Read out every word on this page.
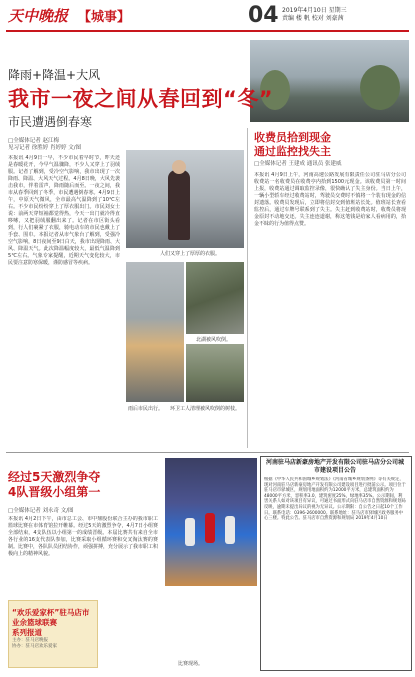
天中晚报 【城事】	04 2019年4月10日 星期三
责编 楼 帆 校对 刘豪茜
降雨+降温+大风
我市一夜之间从春回到“冬”
市民遭遇倒春寒
□全媒体记者 赵江梅
见习记者 徐胜婷 肖婷婷 文/图
本报讯 4月9日一早，不少市民着早时节，昨天还是春暖花开，今早气温骤降，不少人又穿上了羽绒服。记者了解到，受冷空气影响，我市出现了一次降雨、降温、大风天气过程。4月8日晚，大风先袭击我市，伴着雷声，降雨随后而至。一夜之间，我市从春季回到了冬季，市民遭遇倒春寒。4月9日上午，中原天气微风，全市最高气温降到了10℃左右。不少市民纷纷穿上了厚衣服出门。市民刘女士说：前两天穿短袖都觉得热，今天一出门就冷得直哆嗦，又把羽绒服翻出来了。记者在市区街头看到，行人们裹紧了衣服，骑电动车的市民也戴上了手套、围巾。本报记者从市气象台了解到，受强冷空气影响，8日夜间至9日白天，我市出现降雨、大风、降温天气。此次降温幅度较大，最低气温降到5℃左右。气象专家提醒，近期天气变化较大，市民要注意防寒保暖，谨防感冒等疾病。
人们又穿上了厚厚的衣服。
北湖被风吹倒。
雨后市民出行。 环卫工人清理被风吹倒的树枝。
收费员拾到现金
通过监控找失主
□全媒体记者 王建成 通讯员 张建威
本报讯 4月9日上午，河南高速公路发展有限责任公司驻马店分公司收费站一名收费员在收费亭内拾到1500元现金。该收费员第一时间上报，收费站通过调取监控录像，很快确认了失主身份。当日上午，一辆小型轿车经过收费站时，驾驶员交费时不慎将一个装有现金的信封遗落。收费员发现后，立即将信封交到值班站长处。值班站长查看监控后，通过车牌号联系到了失主。失主赶到收费站时，收费员将现金原封不动地交还。失主连连道谢，称这笔钱是给家人看病用的，拾金不昧的行为值得点赞。
经过5天激烈争夺
4队晋级小组第一
□全媒体记者 刘永奇 文/图
本报讯 4月2日下午，由市总工会、市中鼎股份联合主办的我市职工篮球比赛在市体育馆拉开帷幕。经过5天的激烈争夺，4月7日小组赛全部结束，4支队伍以小组第一的成绩晋级。本届比赛共有来自全市各行业的16支代表队参加，比赛采取小组循环赛和交叉淘汰赛的赛制。比赛中，各队队员团结协作，顽强拼搏，充分展示了我市职工积极向上的精神风貌。
比赛现场。
“欢乐爱家杯”驻马店市
业余篮球联赛
系列报道
主办：驻马店晚报
协办：驻马店欢乐爱家
河南驻马店新豪房地产开发有限公司驻马店分公司城市建设项目公告
根据《中华人民共和国城乡规划法》《河南省城乡规划条例》等有关规定，现对河南驻马店新豪房地产开发有限公司建设项目进行批前公示。项目位于驻马店市驿城区，规划用地面积约为12000平方米，总建筑面积约为48000平方米，容积率3.0，建筑密度25%，绿地率35%。公示期间，利害关系人如对该项目有异议，可通过书面形式向驻马店市自然资源和规划局反映，逾期未提出异议的视为无异议。公示期限：自公告之日起10个工作日。联系电话：0396-2600000。联系地址：驻马店市驿城区政务服务中心三楼。特此公告。驻马店市自然资源和规划局 2019年4月10日
